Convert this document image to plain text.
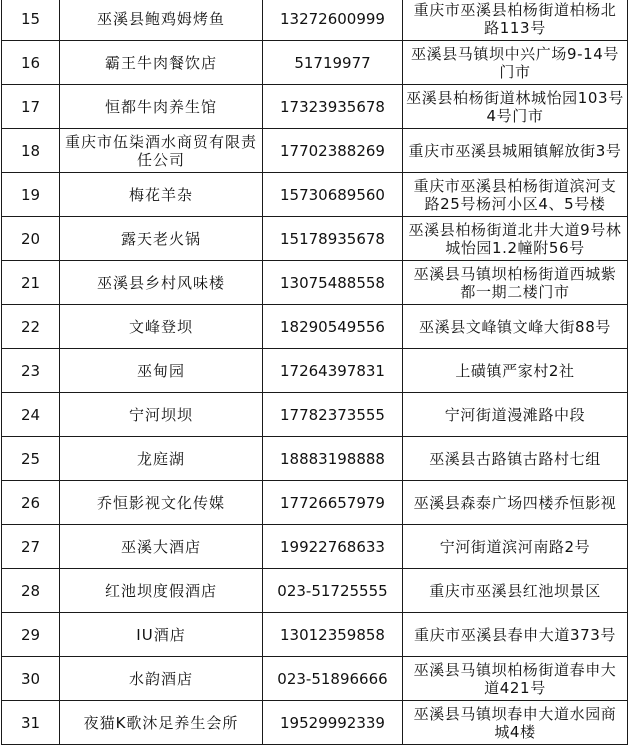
15	巫溪县鲍鸡姆烤鱼	13272600999	重庆市巫溪县柏杨街道柏杨北路113号
16	霸王牛肉餐饮店	51719977	巫溪县马镇坝中兴广场9-14号门市
17	恒都牛肉养生馆	17323935678	巫溪县柏杨街道林城怡园103号4号门市
18	重庆市伍柒酒水商贸有限责任公司	17702388269	重庆市巫溪县城厢镇解放街3号
19	梅花羊杂	15730689560	重庆市巫溪县柏杨街道滨河支路25号杨河小区4、5号楼
20	露天老火锅	15178935678	巫溪县柏杨街道北井大道9号林城怡园1.2幢附56号
21	巫溪县乡村风味楼	13075488558	巫溪县马镇坝柏杨街道西城紫都一期二楼门市
22	文峰登坝	18290549556	巫溪县文峰镇文峰大街88号
23	巫甸园	17264397831	上磺镇严家村2社
24	宁河坝坝	17782373555	宁河街道漫滩路中段
25	龙庭湖	18883198888	巫溪县古路镇古路村七组
26	乔恒影视文化传媒	17726657979	巫溪县森泰广场四楼乔恒影视
27	巫溪大酒店	19922768633	宁河街道滨河南路2号
28	红池坝度假酒店	023-51725555	重庆市巫溪县红池坝景区
29	IU酒店	13012359858	重庆市巫溪县春申大道373号
30	水韵酒店	023-51896666	巫溪县马镇坝柏杨街道春申大道421号
31	夜猫K歌沐足养生会所	19529992339	巫溪县马镇坝春申大道水园商城4楼
